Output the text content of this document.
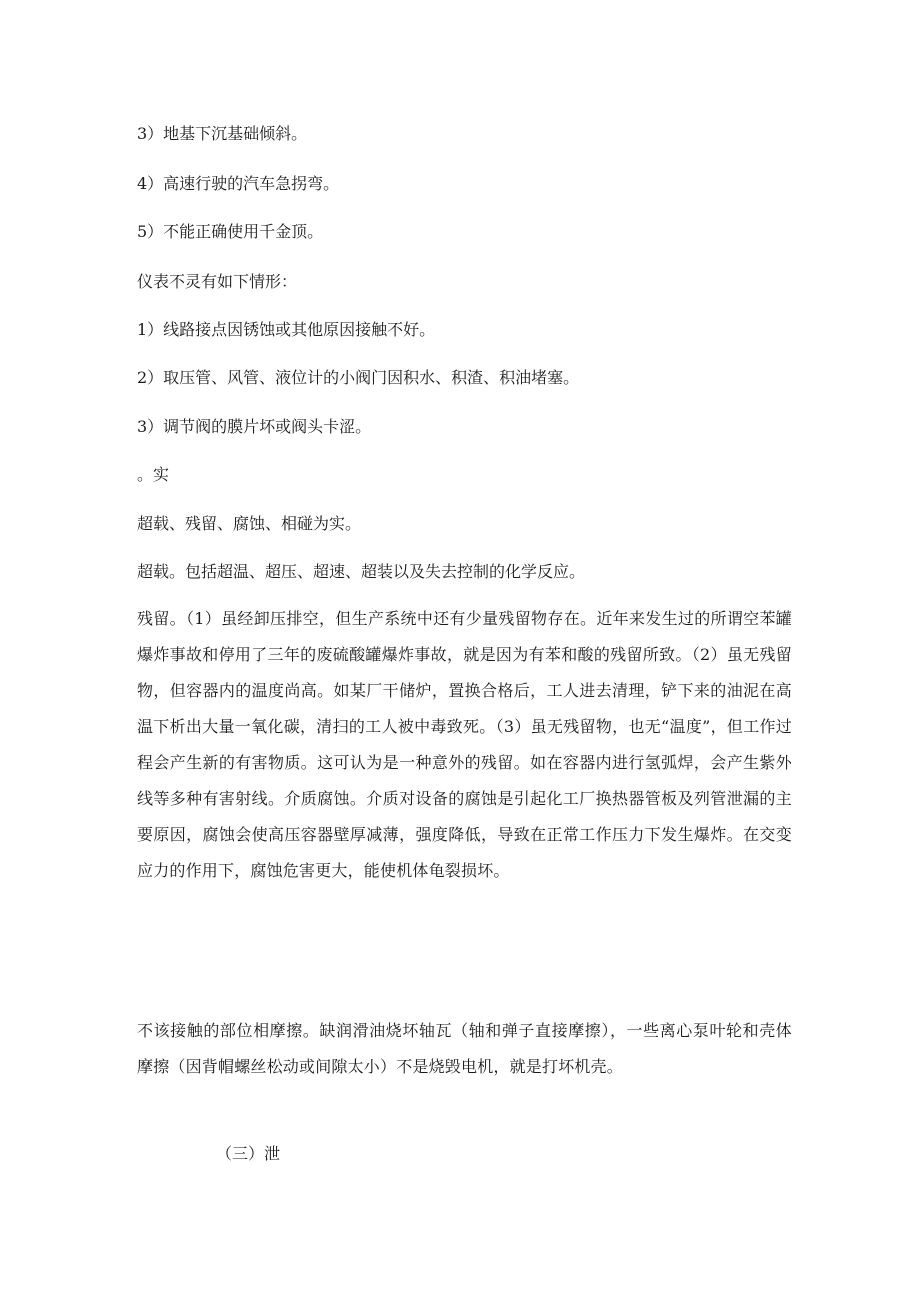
3）地基下沉基础倾斜。
4）高速行驶的汽车急拐弯。
5）不能正确使用千金顶。
仪表不灵有如下情形：
1）线路接点因锈蚀或其他原因接触不好。
2）取压管、风管、液位计的小阀门因积水、积渣、积油堵塞。
3）调节阀的膜片坏或阀头卡涩。
。实
超载、残留、腐蚀、相碰为实。
超载。包括超温、超压、超速、超装以及失去控制的化学反应。
残留。（1）虽经卸压排空，但生产系统中还有少量残留物存在。近年来发生过的所谓空苯罐爆炸事故和停用了三年的废硫酸罐爆炸事故，就是因为有苯和酸的残留所致。（2）虽无残留物，但容器内的温度尚高。如某厂干储炉，置换合格后，工人进去清理，铲下来的油泥在高温下析出大量一氧化碳，清扫的工人被中毒致死。（3）虽无残留物，也无“温度”，但工作过程会产生新的有害物质。这可认为是一种意外的残留。如在容器内进行氢弧焊，会产生紫外线等多种有害射线。介质腐蚀。介质对设备的腐蚀是引起化工厂换热器管板及列管泄漏的主要原因，腐蚀会使高压容器壁厚减薄，强度降低，导致在正常工作压力下发生爆炸。在交变应力的作用下，腐蚀危害更大，能使机体龟裂损坏。
不该接触的部位相摩擦。缺润滑油烧坏轴瓦（轴和弹子直接摩擦），一些离心泵叶轮和壳体摩擦（因背帽螺丝松动或间隙太小）不是烧毁电机，就是打坏机壳。
（三）泄
